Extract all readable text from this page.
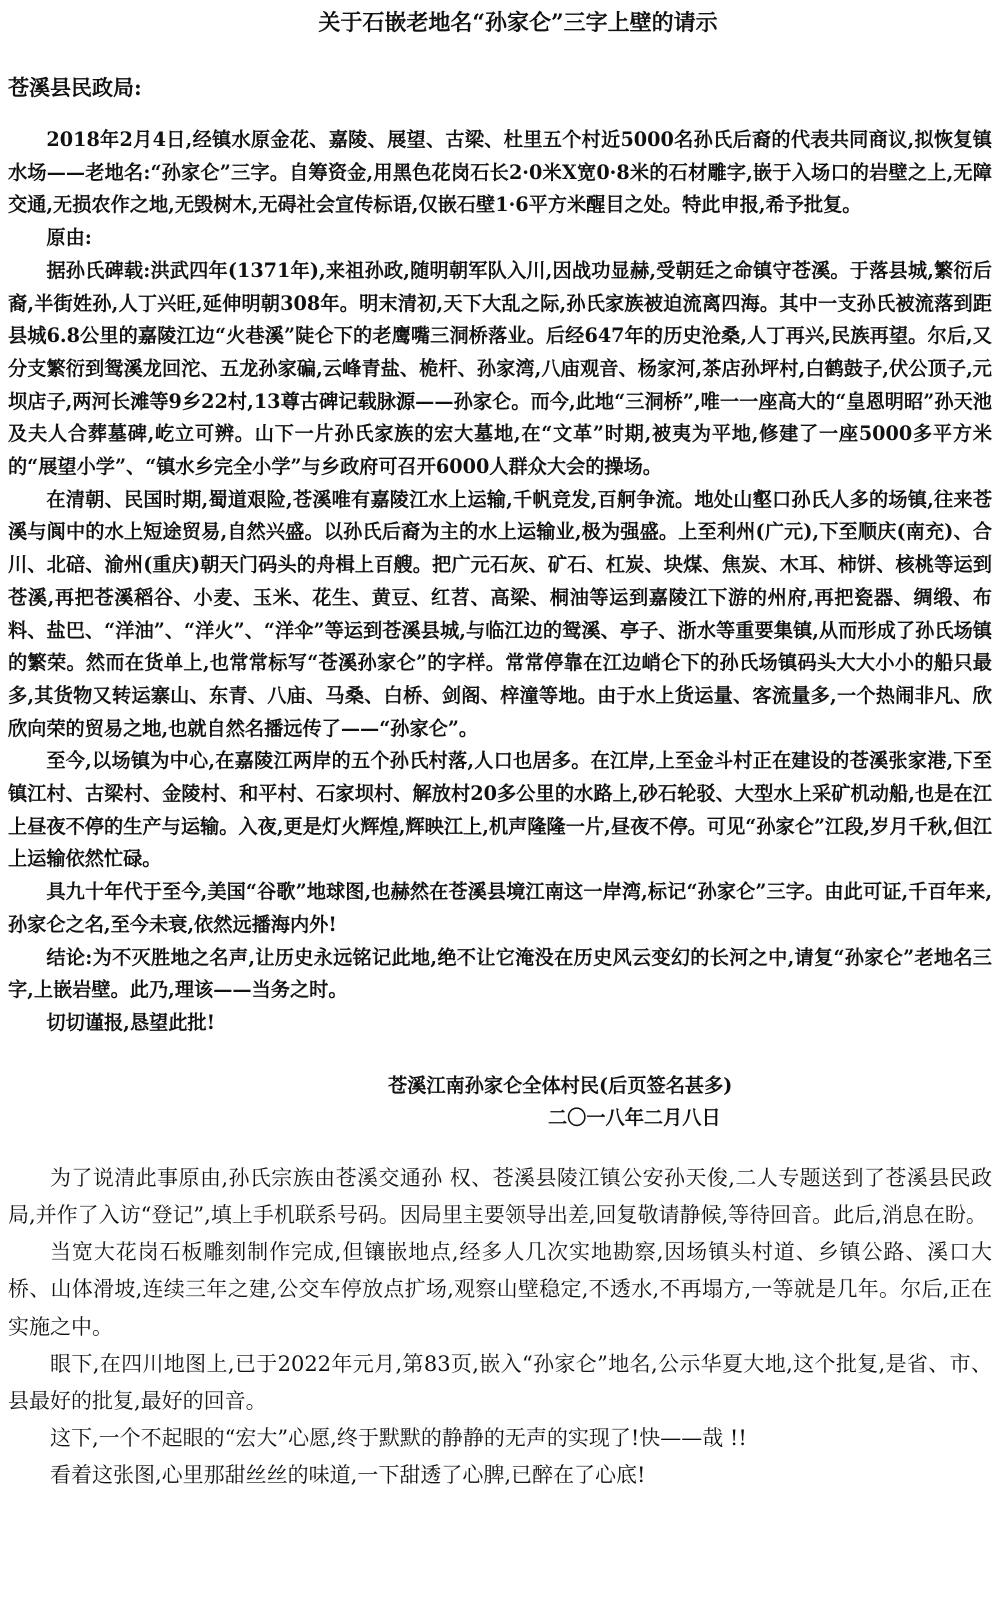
关于石嵌老地名“孙家仑”三字上壁的请示
苍溪县民政局:

2018年2月4日,经镇水原金花、嘉陵、展望、古梁、杜里五个村近5000名孙氏后裔的代表共同商议,拟恢复镇水场——老地名:“孙家仑”三字。自筹资金,用黑色花岗石长2·0米X宽0·8米的石材雕字,嵌于入场口的岩壁之上,无障交通,无损农作之地,无毁树木,无碍社会宣传标语,仅嵌石壁1·6平方米醒目之处。特此申报,希予批复。

原由:

据孙氏碑载:洪武四年(1371年),来祖孙政,随明朝军队入川,因战功显赫,受朝廷之命镇守苍溪。于落县城,繁衍后裔,半街姓孙,人丁兴旺,延伸明朝308年。明末清初,天下大乱之际,孙氏家族被迫流离四海。其中一支孙氏被流落到距县城6.8公里的嘉陵江边“火巷溪”陡仑下的老鹰嘴三洞桥落业。后经647年的历史沧桑,人丁再兴,民族再望。尔后,又分支繁衍到鸳溪龙回沱、五龙孙家碥,云峰青盐、桅杆、孙家湾,八庙观音、杨家河,茶店孙坪村,白鹤鼓子,伏公顶子,元坝店子,两河长滩等9乡22村,13尊古碑记载脉源——孙家仑。而今,此地“三洞桥”,唯一一座高大的“皇恩明昭”孙天池及夫人合葬墓碑,屹立可辨。山下一片孙氏家族的宏大墓地,在“文革”时期,被夷为平地,修建了一座5000多平方米的“展望小学”、“镇水乡完全小学”与乡政府可召开6000人群众大会的操场。

在清朝、民国时期,蜀道艰险,苍溪唯有嘉陵江水上运输,千帆竞发,百舸争流。地处山壑口孙氏人多的场镇,往来苍溪与阆中的水上短途贸易,自然兴盛。以孙氏后裔为主的水上运输业,极为强盛。上至利州(广元),下至顺庆(南充)、合川、北碚、渝州(重庆)朝天门码头的舟楫上百艘。把广元石灰、矿石、杠炭、块煤、焦炭、木耳、柿饼、核桃等运到苍溪,再把苍溪稻谷、小麦、玉米、花生、黄豆、红苕、高梁、桐油等运到嘉陵江下游的州府,再把瓷器、绸缎、布料、盐巴、“洋油”、“洋火”、“洋伞”等运到苍溪县城,与临江边的鸳溪、亭子、浙水等重要集镇,从而形成了孙氏场镇的繁荣。然而在货单上,也常常标写“苍溪孙家仑”的字样。常常停靠在江边峭仑下的孙氏场镇码头大大小小的船只最多,其货物又转运寨山、东青、八庙、马桑、白桥、剑阁、梓潼等地。由于水上货运量、客流量多,一个热闹非凡、欣欣向荣的贸易之地,也就自然名播远传了——“孙家仑”。

至今,以场镇为中心,在嘉陵江两岸的五个孙氏村落,人口也居多。在江岸,上至金斗村正在建设的苍溪张家港,下至镇江村、古梁村、金陵村、和平村、石家坝村、解放村20多公里的水路上,砂石轮驳、大型水上采矿机动船,也是在江上昼夜不停的生产与运输。入夜,更是灯火辉煌,辉映江上,机声隆隆一片,昼夜不停。可见“孙家仑”江段,岁月千秋,但江上运输依然忙碌。

具九十年代于至今,美国“谷歌”地球图,也赫然在苍溪县境江南这一岸湾,标记“孙家仑”三字。由此可证,千百年来,孙家仑之名,至今未衰,依然远播海内外!

结论:为不灭胜地之名声,让历史永远铭记此地,绝不让它淹没在历史风云变幻的长河之中,请复“孙家仑”老地名三字,上嵌岩壁。此乃,理该——当务之时。

切切谨报,恳望此批!

苍溪江南孙家仑全体村民(后页签名甚多)
二〇一八年二月八日

为了说清此事原由,孙氏宗族由苍溪交通孙 权、苍溪县陵江镇公安孙天俊,二人专题送到了苍溪县民政局,并作了入访“登记”,填上手机联系号码。因局里主要领导出差,回复敬请静候,等待回音。此后,消息在盼。

当宽大花岗石板雕刻制作完成,但镶嵌地点,经多人几次实地勘察,因场镇头村道、乡镇公路、溪口大桥、山体滑坡,连续三年之建,公交车停放点扩场,观察山壁稳定,不透水,不再塌方,一等就是几年。尔后,正在实施之中。

眼下,在四川地图上,已于2022年元月,第83页,嵌入“孙家仑”地名,公示华夏大地,这个批复,是省、市、县最好的批复,最好的回音。

这下,一个不起眼的“宏大”心愿,终于默默的静静的无声的实现了!快——哉 !!

看着这张图,心里那甜丝丝的味道,一下甜透了心脾,已醉在了心底!
